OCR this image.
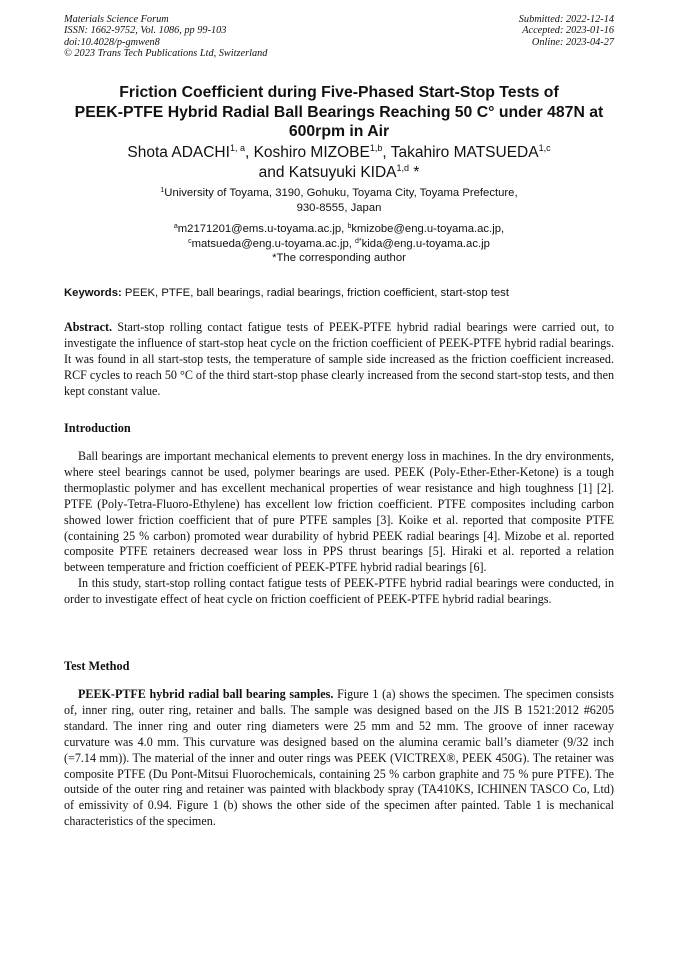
Materials Science Forum
ISSN: 1662-9752, Vol. 1086, pp 99-103
doi:10.4028/p-gmwen8
© 2023 Trans Tech Publications Ltd, Switzerland
Submitted: 2022-12-14
Accepted: 2023-01-16
Online: 2023-04-27
Friction Coefficient during Five-Phased Start-Stop Tests of
PEEK-PTFE Hybrid Radial Ball Bearings Reaching 50 C° under 487N at
600rpm in Air
Shota ADACHI$^{1, a}$, Koshiro MIZOBE$^{1,b}$, Takahiro MATSUEDA$^{1,c}$
and Katsuyuki KIDA$^{1,d}$ *
$^1$University of Toyama, 3190, Gohuku, Toyama City, Toyama Prefecture,
930-8555, Japan
$^a$m2171201@ems.u-toyama.ac.jp, $^b$kmizobe@eng.u-toyama.ac.jp,
$^c$matsueda@eng.u-toyama.ac.jp, $^{d*}$kida@eng.u-toyama.ac.jp
*The corresponding author
Keywords: PEEK, PTFE, ball bearings, radial bearings, friction coefficient, start-stop test
Abstract. Start-stop rolling contact fatigue tests of PEEK-PTFE hybrid radial bearings were carried out, to investigate the influence of start-stop heat cycle on the friction coefficient of PEEK-PTFE hybrid radial bearings. It was found in all start-stop tests, the temperature of sample side increased as the friction coefficient increased. RCF cycles to reach 50 °C of the third start-stop phase clearly increased from the second start-stop tests, and then kept constant value.
Introduction

Ball bearings are important mechanical elements to prevent energy loss in machines. In the dry environments, where steel bearings cannot be used, polymer bearings are used. PEEK (Poly-Ether-Ether-Ketone) is a tough thermoplastic polymer and has excellent mechanical properties of wear resistance and high toughness [1] [2]. PTFE (Poly-Tetra-Fluoro-Ethylene) has excellent low friction coefficient. PTFE composites including carbon showed lower friction coefficient that of pure PTFE samples [3]. Koike et al. reported that composite PTFE (containing 25 % carbon) promoted wear durability of hybrid PEEK radial bearings [4]. Mizobe et al. reported composite PTFE retainers decreased wear loss in PPS thrust bearings [5]. Hiraki et al. reported a relation between temperature and friction coefficient of PEEK-PTFE hybrid radial bearings [6].

In this study, start-stop rolling contact fatigue tests of PEEK-PTFE hybrid radial bearings were conducted, in order to investigate effect of heat cycle on friction coefficient of PEEK-PTFE hybrid radial bearings.

Test Method

PEEK-PTFE hybrid radial ball bearing samples. Figure 1 (a) shows the specimen. The specimen consists of, inner ring, outer ring, retainer and balls. The sample was designed based on the JIS B 1521:2012 #6205 standard. The inner ring and outer ring diameters were 25 mm and 52 mm. The groove of inner raceway curvature was 4.0 mm. This curvature was designed based on the alumina ceramic ball’s diameter (9/32 inch (=7.14 mm)). The material of the inner and outer rings was PEEK (VICTREX®, PEEK 450G). The retainer was composite PTFE (Du Pont-Mitsui Fluorochemicals, containing 25 % carbon graphite and 75 % pure PTFE). The outside of the outer ring and retainer was painted with blackbody spray (TA410KS, ICHINEN TASCO Co, Ltd) of emissivity of 0.94. Figure 1 (b) shows the other side of the specimen after painted. Table 1 is mechanical characteristics of the specimen.
